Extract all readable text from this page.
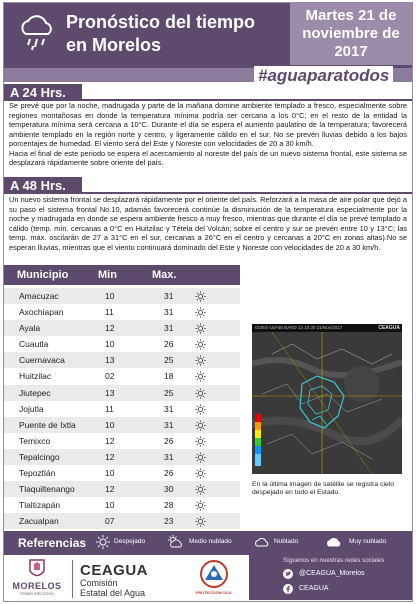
Pronóstico del tiempo
en Morelos
Martes 21 de
noviembre de
2017
#aguaparatodos
A 24 Hrs.
Se prevé que por la noche, madrugada y parte de la mañana domine ambiente templado a fresco, especialmente sobre regiones montañosas en donde la temperatura mínima podría ser cercana a los 0°C; en el resto de la entidad la temperatura mínima será cercana a 10°C. Durante el día se espera el aumento paulatino de la temperatura; favorecerá ambiente templado en la región norte y centro, y ligeramente cálido en el sur. No se prevén lluvias debido a los bajos porcentajes de humedad. El viento será del Este y Noreste con velocidades de 20 a 30 km/h.
Hacia el final de este periodo se espera el acercamiento al noreste del país de un nuevo sistema frontal, este sistema se desplazará rápidamente sobre oriente del país.
A 48 Hrs.
Un nuevo sistema frontal se desplazará rápidamente por el oriente del país. Reforzará a la masa de aire polar que dejó a su paso el sistema frontal No.10, adamás favorecerá continúe la disminución de la temperatura especialmente por la noche y madrugada en donde se espera ambiente fresco a muy fresco, mientras que durante el día se prevé templado a cálido (temp. mín. cercanas a 0°C en Huitzilac y Tétela del Volcán; sobre el centro y sur se prevén entre 10 y 13°C; las temp. máx. oscilarán de 27 a 31°C en el sur, cercanas a 26°C en el centro y cercanas a 20°C en zonas altas).No se esperan lluvias, mientras que el viento continuará dominado del Este y Noreste con velocidades de 20 a 30 km/h.
Municipio	Min	Max.
Amacuzac	10	31
Axochiapan	11	31
Ayala	12	31
Cuautla	10	26
Cuernavaca	13	25
Huitzilac	02	18
Jiutepec	13	25
Jojutla	11	31
Puente de Ixtla	10	31
Temixco	12	26
Tepalcingo	12	31
Tepoztlán	10	26
Tlaquiltenango	12	30
Tlaltizapán	10	28
Zacualpan	07	23
GOES-16/ABI BAND 13 10:30 21/Nov/2017	CEAGUA
En la última imagen de satélite se registra cielo despejado en todo el Estado.
Referencias	Despejado	Medio nublado	Nublado	Muy nublado
MORELOS
PODER EJECUTIVO
CEAGUA
Comisión
Estatal del Agua	PROTECCIÓN CIVIL
Síguenos en nuestras redes sociales
@CEAGUA_Morelos
CEAGUA
